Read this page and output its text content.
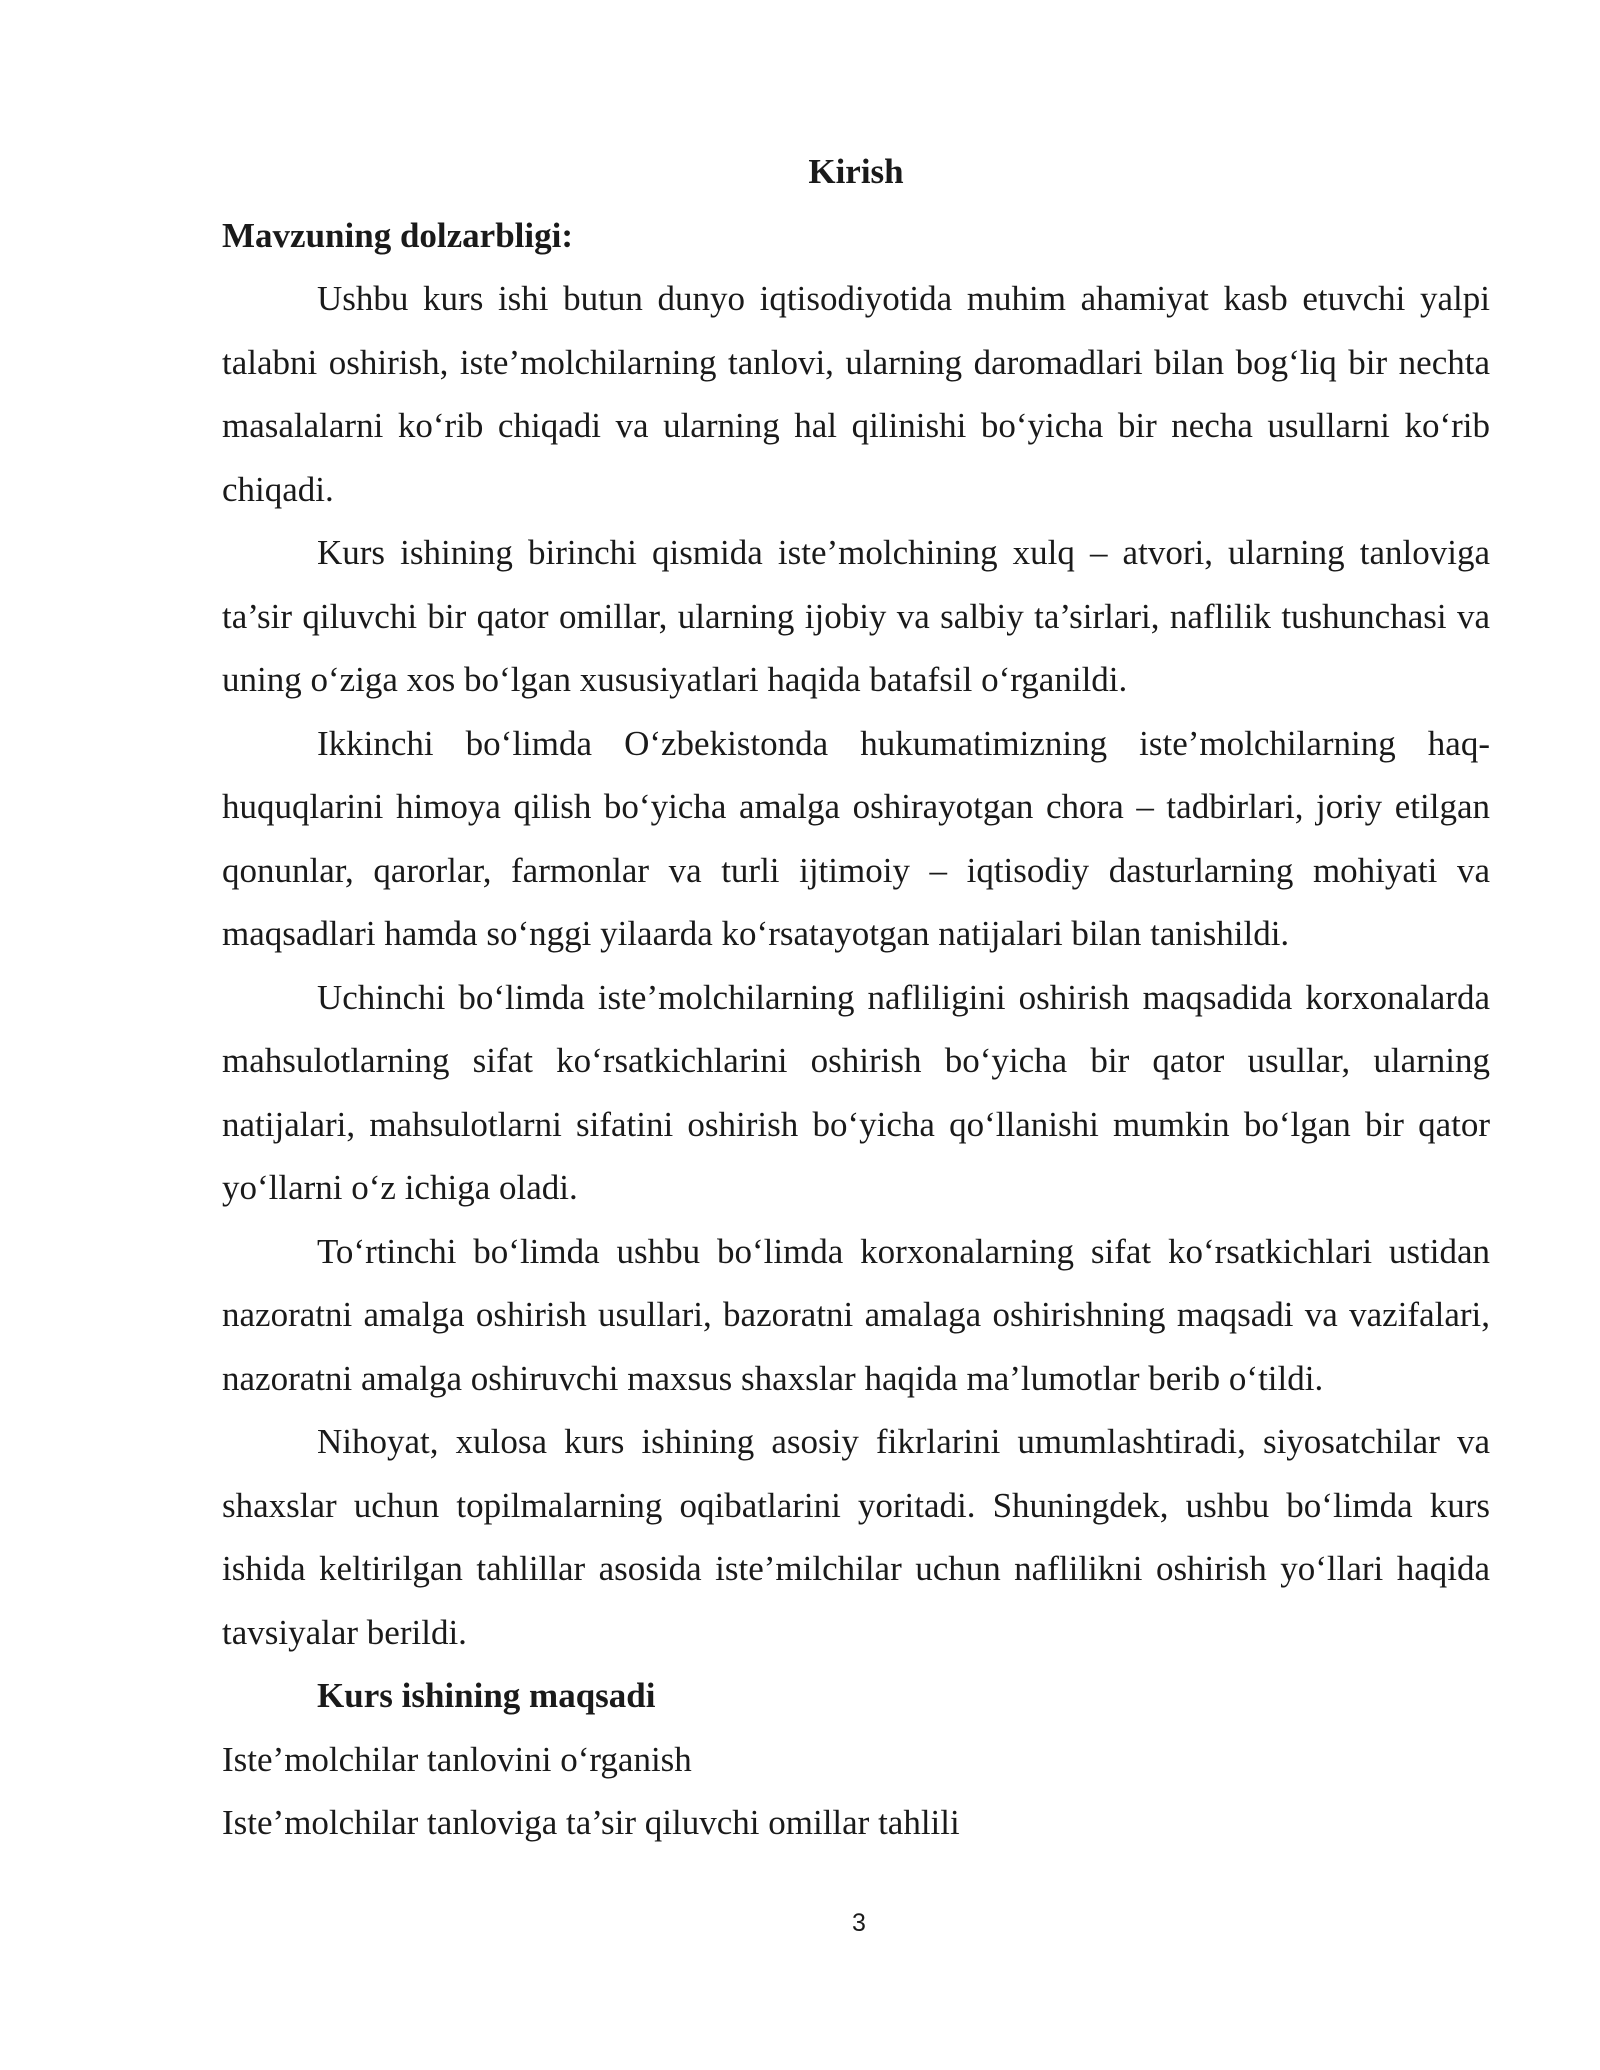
Kirish

Mavzuning dolzarbligi:

Ushbu kurs ishi butun dunyo iqtisodiyotida muhim ahamiyat kasb etuvchi yalpi talabni oshirish, iste’molchilarning tanlovi, ularning daromadlari bilan bog‘liq bir nechta masalalarni ko‘rib chiqadi va ularning hal qilinishi bo‘yicha bir necha usullarni ko‘rib chiqadi.

Kurs ishining birinchi qismida iste’molchining xulq – atvori, ularning tanloviga ta’sir qiluvchi bir qator omillar, ularning ijobiy va salbiy ta’sirlari, naflilik tushunchasi va uning o‘ziga xos bo‘lgan xususiyatlari haqida batafsil o‘rganildi.

Ikkinchi bo‘limda O‘zbekistonda hukumatimizning iste’molchilarning haq-huquqlarini himoya qilish bo‘yicha amalga oshirayotgan chora – tadbirlari, joriy etilgan qonunlar, qarorlar, farmonlar va turli ijtimoiy – iqtisodiy dasturlarning mohiyati va maqsadlari hamda so‘nggi yilaarda ko‘rsatayotgan natijalari bilan tanishildi.

Uchinchi bo‘limda iste’molchilarning nafliligini oshirish maqsadida korxonalarda mahsulotlarning sifat ko‘rsatkichlarini oshirish bo‘yicha bir qator usullar, ularning natijalari, mahsulotlarni sifatini oshirish bo‘yicha qo‘llanishi mumkin bo‘lgan bir qator yo‘llarni o‘z ichiga oladi.

To‘rtinchi bo‘limda ushbu bo‘limda korxonalarning sifat ko‘rsatkichlari ustidan nazoratni amalga oshirish usullari, bazoratni amalaga oshirishning maqsadi va vazifalari, nazoratni amalga oshiruvchi maxsus shaxslar haqida ma’lumotlar berib o‘tildi.

Nihoyat, xulosa kurs ishining asosiy fikrlarini umumlashtiradi, siyosatchilar va shaxslar uchun topilmalarning oqibatlarini yoritadi. Shuningdek, ushbu bo‘limda kurs ishida keltirilgan tahlillar asosida iste’milchilar uchun naflilikni oshirish yo‘llari haqida tavsiyalar berildi.

Kurs ishining maqsadi

Iste’molchilar tanlovini o‘rganish

Iste’molchilar tanloviga ta’sir qiluvchi omillar tahlili

3
